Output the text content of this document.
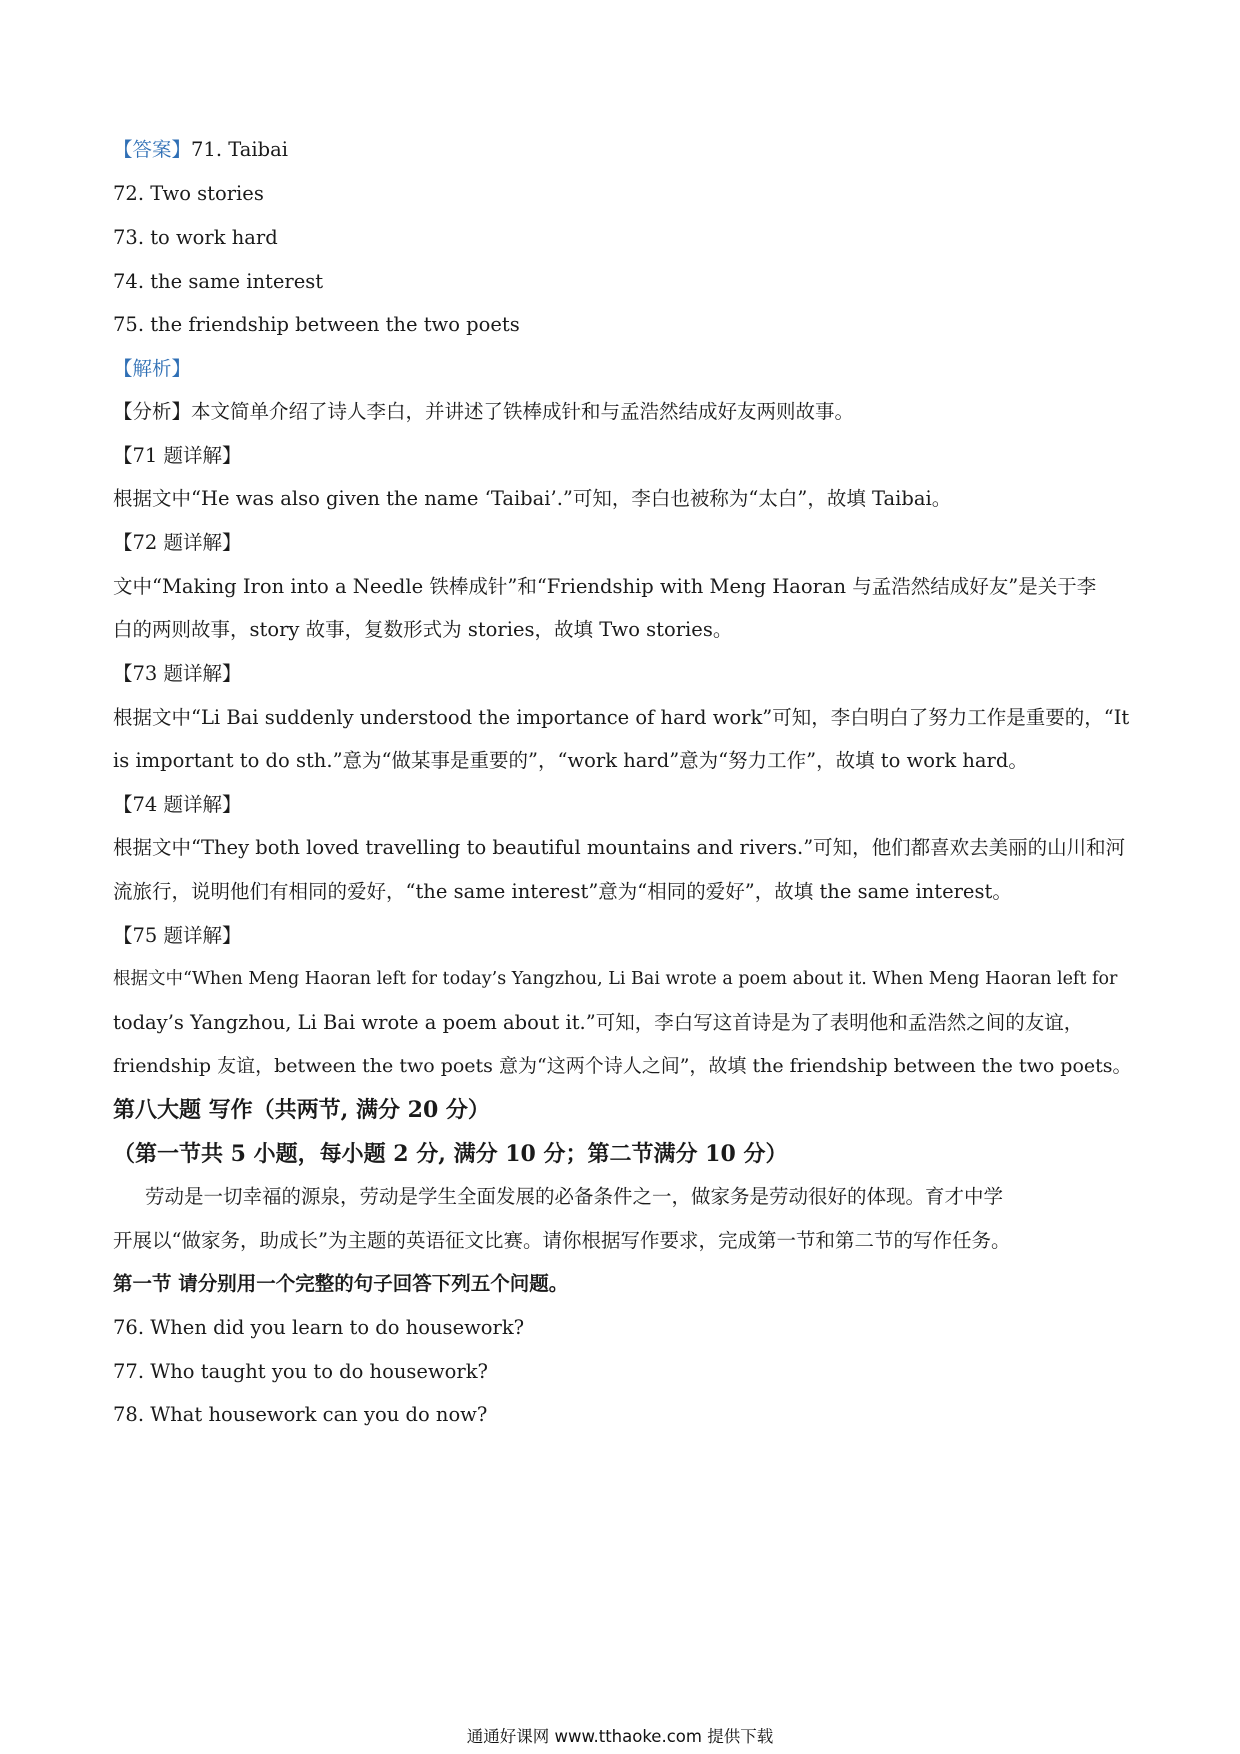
【答案】71. Taibai
72. Two stories
73. to work hard
74. the same interest
75. the friendship between the two poets
【解析】
【分析】本文简单介绍了诗人李白，并讲述了铁棒成针和与孟浩然结成好友两则故事。
【71 题详解】
根据文中“He was also given the name ‘Taibai’.”可知，李白也被称为“太白”，故填 Taibai。
【72 题详解】
文中“Making Iron into a Needle 铁棒成针”和“Friendship with Meng Haoran 与孟浩然结成好友”是关于李
白的两则故事，story 故事，复数形式为 stories，故填 Two stories。
【73 题详解】
根据文中“Li Bai suddenly understood the importance of hard work”可知，李白明白了努力工作是重要的，“It
is important to do sth.”意为“做某事是重要的”，“work hard”意为“努力工作”，故填 to work hard。
【74 题详解】
根据文中“They both loved travelling to beautiful mountains and rivers.”可知，他们都喜欢去美丽的山川和河
流旅行，说明他们有相同的爱好，“the same interest”意为“相同的爱好”，故填 the same interest。
【75 题详解】
根据文中“When Meng Haoran left for today’s Yangzhou, Li Bai wrote a poem about it. When Meng Haoran left for
today’s Yangzhou, Li Bai wrote a poem about it.”可知，李白写这首诗是为了表明他和孟浩然之间的友谊，
friendship 友谊，between the two poets 意为“这两个诗人之间”，故填 the friendship between the two poets。
第八大题 写作（共两节, 满分 20 分）
（第一节共 5 小题，每小题 2 分, 满分 10 分；第二节满分 10 分）
劳动是一切幸福的源泉，劳动是学生全面发展的必备条件之一，做家务是劳动很好的体现。育才中学
开展以“做家务，助成长”为主题的英语征文比赛。请你根据写作要求，完成第一节和第二节的写作任务。
第一节 请分别用一个完整的句子回答下列五个问题。
76. When did you learn to do housework?
77. Who taught you to do housework?
78. What housework can you do now?
通通好课网 www.tthaoke.com 提供下载
